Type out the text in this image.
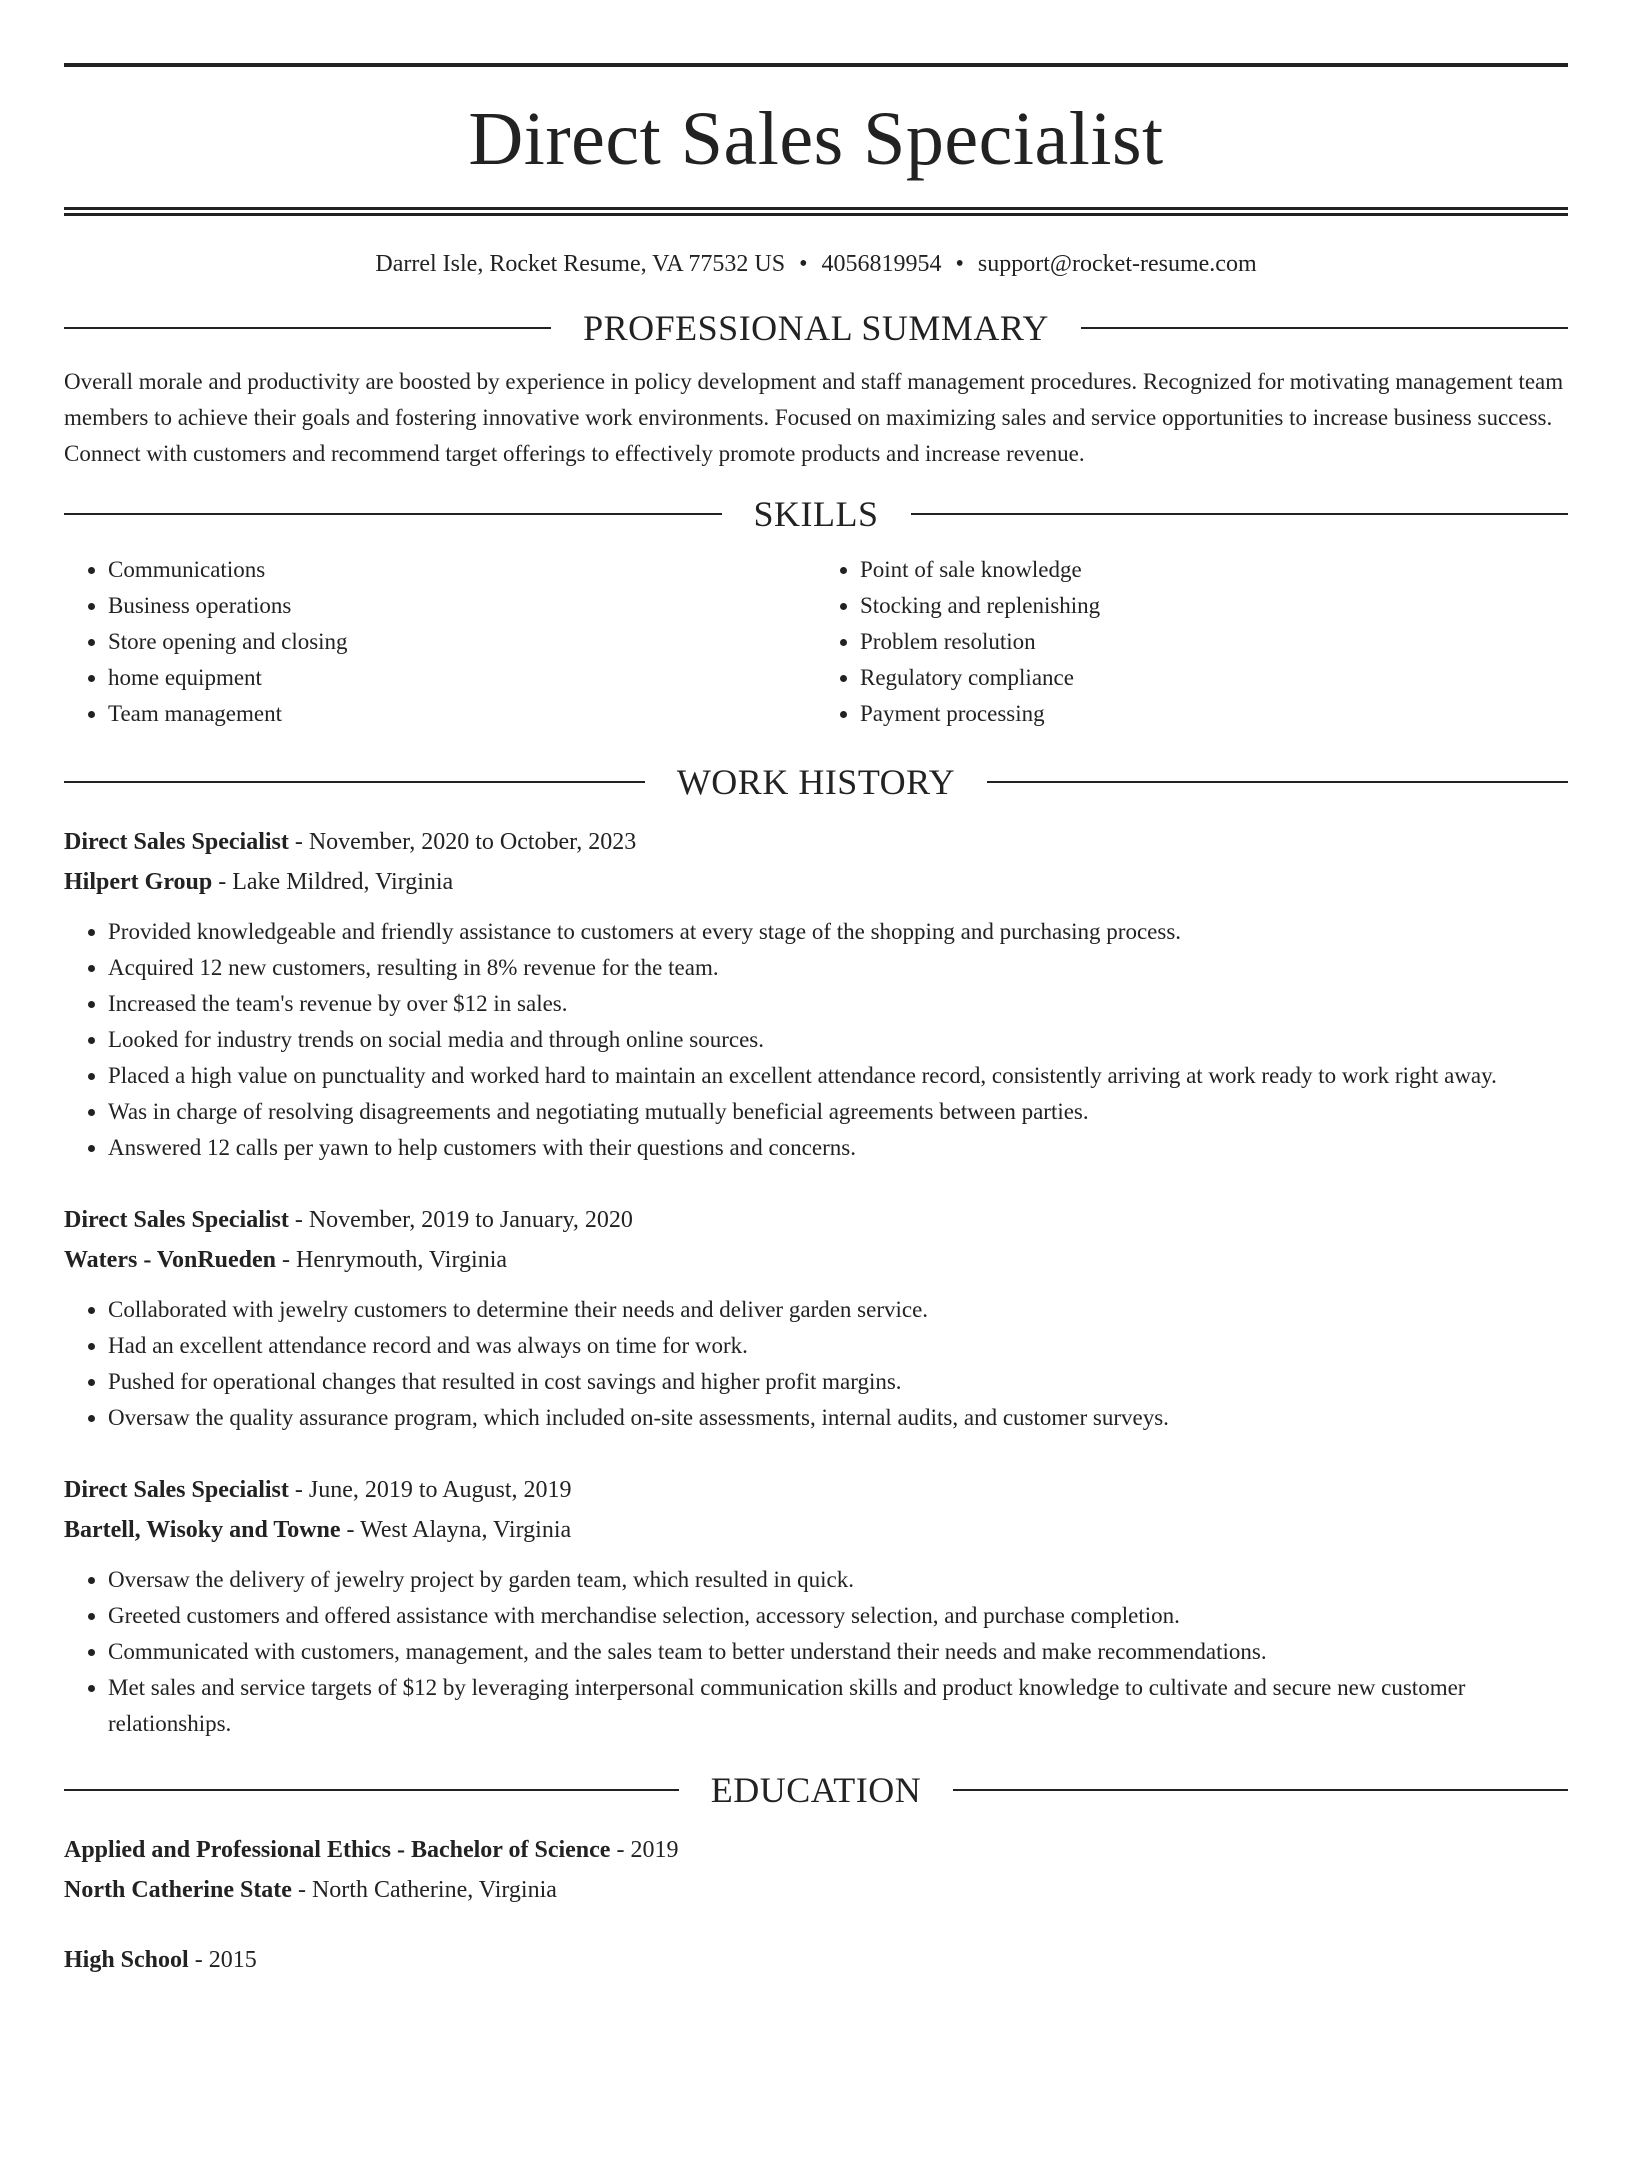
Direct Sales Specialist
Darrel Isle, Rocket Resume, VA 77532 US • 4056819954 • support@rocket-resume.com
PROFESSIONAL SUMMARY
Overall morale and productivity are boosted by experience in policy development and staff management procedures. Recognized for motivating management team members to achieve their goals and fostering innovative work environments. Focused on maximizing sales and service opportunities to increase business success. Connect with customers and recommend target offerings to effectively promote products and increase revenue.
SKILLS
• Communications
• Business operations
• Store opening and closing
• home equipment
• Team management
• Point of sale knowledge
• Stocking and replenishing
• Problem resolution
• Regulatory compliance
• Payment processing
WORK HISTORY
Direct Sales Specialist - November, 2020 to October, 2023
Hilpert Group - Lake Mildred, Virginia
• Provided knowledgeable and friendly assistance to customers at every stage of the shopping and purchasing process.
• Acquired 12 new customers, resulting in 8% revenue for the team.
• Increased the team's revenue by over $12 in sales.
• Looked for industry trends on social media and through online sources.
• Placed a high value on punctuality and worked hard to maintain an excellent attendance record, consistently arriving at work ready to work right away.
• Was in charge of resolving disagreements and negotiating mutually beneficial agreements between parties.
• Answered 12 calls per yawn to help customers with their questions and concerns.
Direct Sales Specialist - November, 2019 to January, 2020
Waters - VonRueden - Henrymouth, Virginia
• Collaborated with jewelry customers to determine their needs and deliver garden service.
• Had an excellent attendance record and was always on time for work.
• Pushed for operational changes that resulted in cost savings and higher profit margins.
• Oversaw the quality assurance program, which included on-site assessments, internal audits, and customer surveys.
Direct Sales Specialist - June, 2019 to August, 2019
Bartell, Wisoky and Towne - West Alayna, Virginia
• Oversaw the delivery of jewelry project by garden team, which resulted in quick.
• Greeted customers and offered assistance with merchandise selection, accessory selection, and purchase completion.
• Communicated with customers, management, and the sales team to better understand their needs and make recommendations.
• Met sales and service targets of $12 by leveraging interpersonal communication skills and product knowledge to cultivate and secure new customer relationships.
EDUCATION
Applied and Professional Ethics - Bachelor of Science - 2019
North Catherine State - North Catherine, Virginia
High School - 2015
